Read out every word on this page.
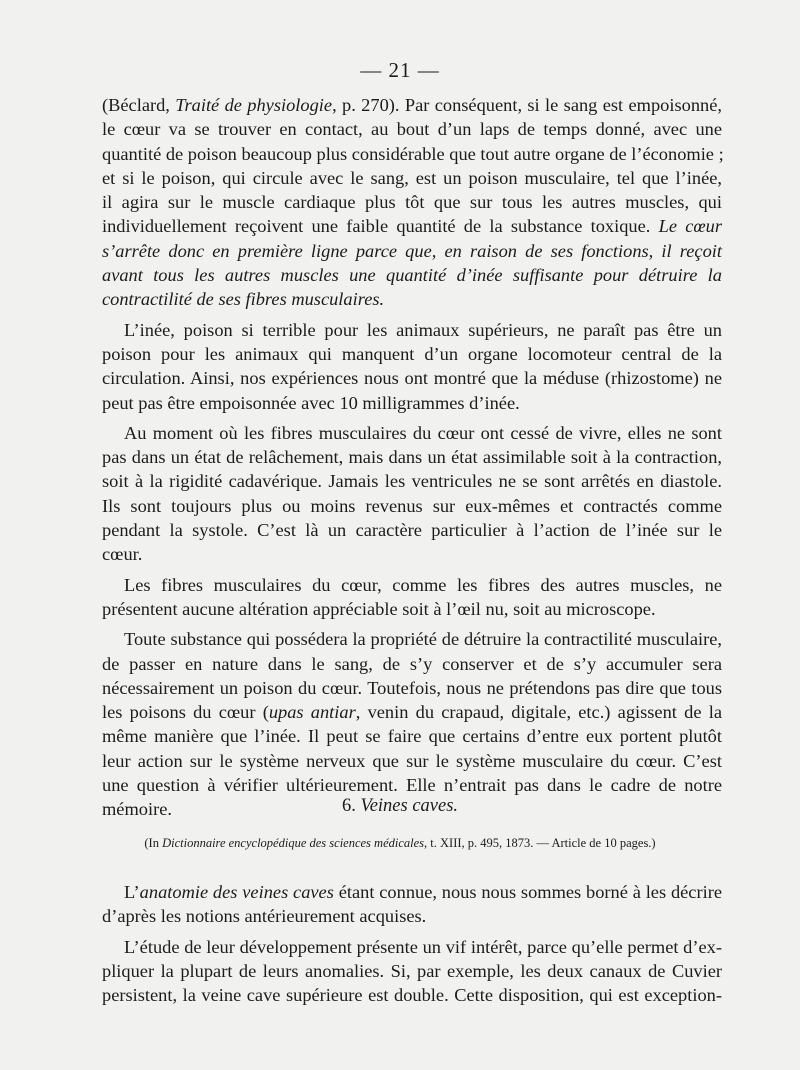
— 21 —
(Béclard, Traité de physiologie, p. 270). Par conséquent, si le sang est empoisonné,
le cœur va se trouver en contact, au bout d’un laps de temps donné, avec une
quantité de poison beaucoup plus considérable que tout autre organe de l’économie ;
et si le poison, qui circule avec le sang, est un poison musculaire, tel que l’inée,
il agira sur le muscle cardiaque plus tôt que sur tous les autres muscles, qui
individuellement reçoivent une faible quantité de la substance toxique. Le cœur
s’arrête donc en première ligne parce que, en raison de ses fonctions, il reçoit
avant tous les autres muscles une quantité d’inée suffisante pour détruire la
contractilité de ses fibres musculaires.
L’inée, poison si terrible pour les animaux supérieurs, ne paraît pas être un
poison pour les animaux qui manquent d’un organe locomoteur central de la
circulation. Ainsi, nos expériences nous ont montré que la méduse (rhizostome) ne
peut pas être empoisonnée avec 10 milligrammes d’inée.
Au moment où les fibres musculaires du cœur ont cessé de vivre, elles ne sont
pas dans un état de relâchement, mais dans un état assimilable soit à la contraction,
soit à la rigidité cadavérique. Jamais les ventricules ne se sont arrêtés en diastole.
Ils sont toujours plus ou moins revenus sur eux-mêmes et contractés comme
pendant la systole. C’est là un caractère particulier à l’action de l’inée sur le
cœur.
Les fibres musculaires du cœur, comme les fibres des autres muscles, ne
présentent aucune altération appréciable soit à l’œil nu, soit au microscope.
Toute substance qui possédera la propriété de détruire la contractilité musculaire,
de passer en nature dans le sang, de s’y conserver et de s’y accumuler sera
nécessairement un poison du cœur. Toutefois, nous ne prétendons pas dire que tous
les poisons du cœur (upas antiar, venin du crapaud, digitale, etc.) agissent de la
même manière que l’inée. Il peut se faire que certains d’entre eux portent plutôt
leur action sur le système nerveux que sur le système musculaire du cœur. C’est
une question à vérifier ultérieurement. Elle n’entrait pas dans le cadre de notre
mémoire.	6. Veines caves.
(In Dictionnaire encyclopédique des sciences médicales, t. XIII, p. 495, 1873. — Article de 10 pages.)
L’anatomie des veines caves étant connue, nous nous sommes borné à les décrire
d’après les notions antérieurement acquises.
L’étude de leur développement présente un vif intérêt, parce qu’elle permet d’ex-
pliquer la plupart de leurs anomalies. Si, par exemple, les deux canaux de Cuvier
persistent, la veine cave supérieure est double. Cette disposition, qui est exception-
